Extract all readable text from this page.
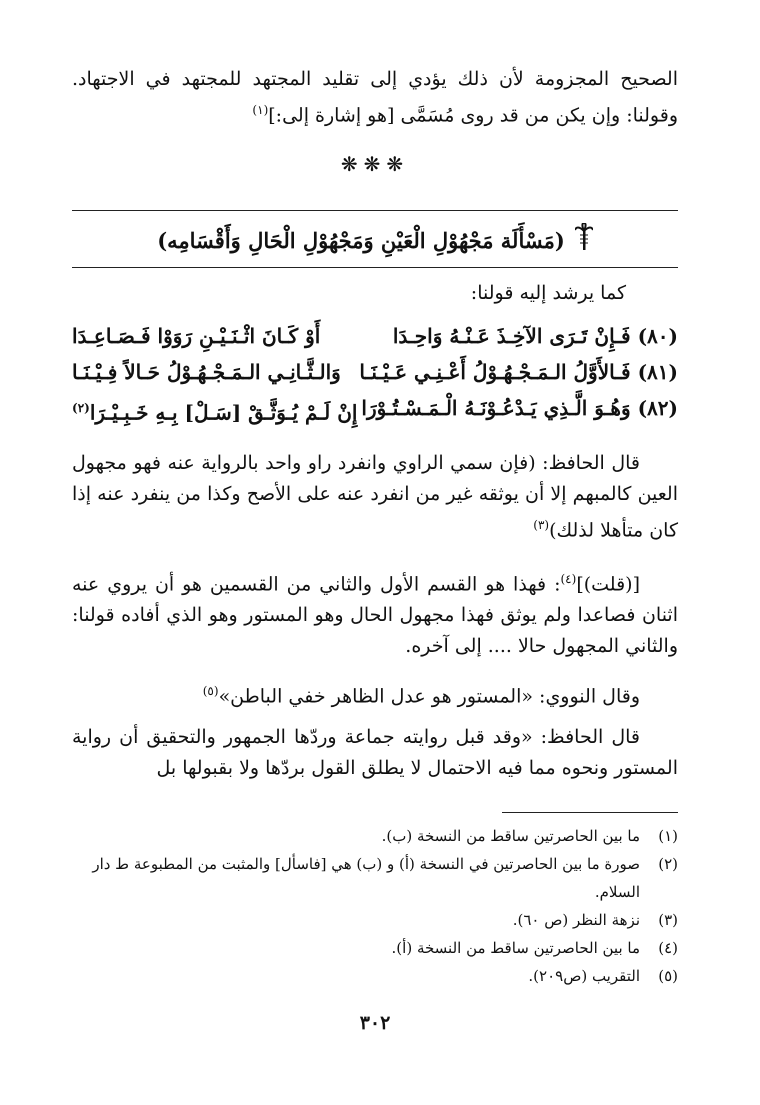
الصحيح المجزومة لأن ذلك يؤدي إلى تقليد المجتهد للمجتهد في الاجتهاد. وقولنا: وإن يكن من قد روى مُسَمَّى [هو إشارة إلى:]$^{(١)}$

❋❋❋
(مَسْأَلَة مَجْهُوْلِ الْعَيْنِ وَمَجْهُوْلِ الْحَالِ وَأَقْسَامِه)
كما يرشد إليه قولنا:
(٨٠) فَـإِنْ تَـرَى الآخِـذَ عَـنْـهُ وَاحِـدَا
أَوْ كَـانَ اثْـنَـيْـنِ رَوَوْا فَـصَـاعِـدَا
(٨١) فَـالأَوَّلُ الـمَـجْـهُـوْلُ أَعْـنِـي عَـيْـنَـا
وَالـثَّـانِـي الـمَـجْـهُـوْلُ حَـالاً فِـيْـنَـا
(٨٢) وَهُـوَ الَّـذِي يَـدْعُـوْنَـهُ الْـمَـسْـتُـوْرَا
إِنْ لَـمْ يُـوَثَّـقْ [سَـلْ] بِـهِ خَـبِـيْـرَا$^{(٢)}$

قال الحافظ: (فإن سمي الراوي وانفرد راو واحد بالرواية عنه فهو مجهول العين كالمبهم إلا أن يوثقه غير من انفرد عنه على الأصح وكذا من ينفرد عنه إذا كان متأهلا لذلك)$^{(٣)}$

[(قلت)]$^{(٤)}$: فهذا هو القسم الأول والثاني من القسمين هو أن يروي عنه اثنان فصاعدا ولم يوثق فهذا مجهول الحال وهو المستور وهو الذي أفاده قولنا: والثاني المجهول حالا .... إلى آخره.

وقال النووي: «المستور هو عدل الظاهر خفي الباطن»$^{(٥)}$

قال الحافظ: «وقد قبل روايته جماعة وردّها الجمهور والتحقيق أن رواية المستور ونحوه مما فيه الاحتمال لا يطلق القول بردّها ولا بقبولها بل

(١)
ما بين الحاصرتين ساقط من النسخة (ب).
(٢)
صورة ما بين الحاصرتين في النسخة (أ) و (ب) هي [فاسأل] والمثبت من المطبوعة ط دار السلام.
(٣)
نزهة النظر (ص ٦٠).
(٤)
ما بين الحاصرتين ساقط من النسخة (أ).
(٥)
التقريب (ص٢٠٩).
٣٠٢
